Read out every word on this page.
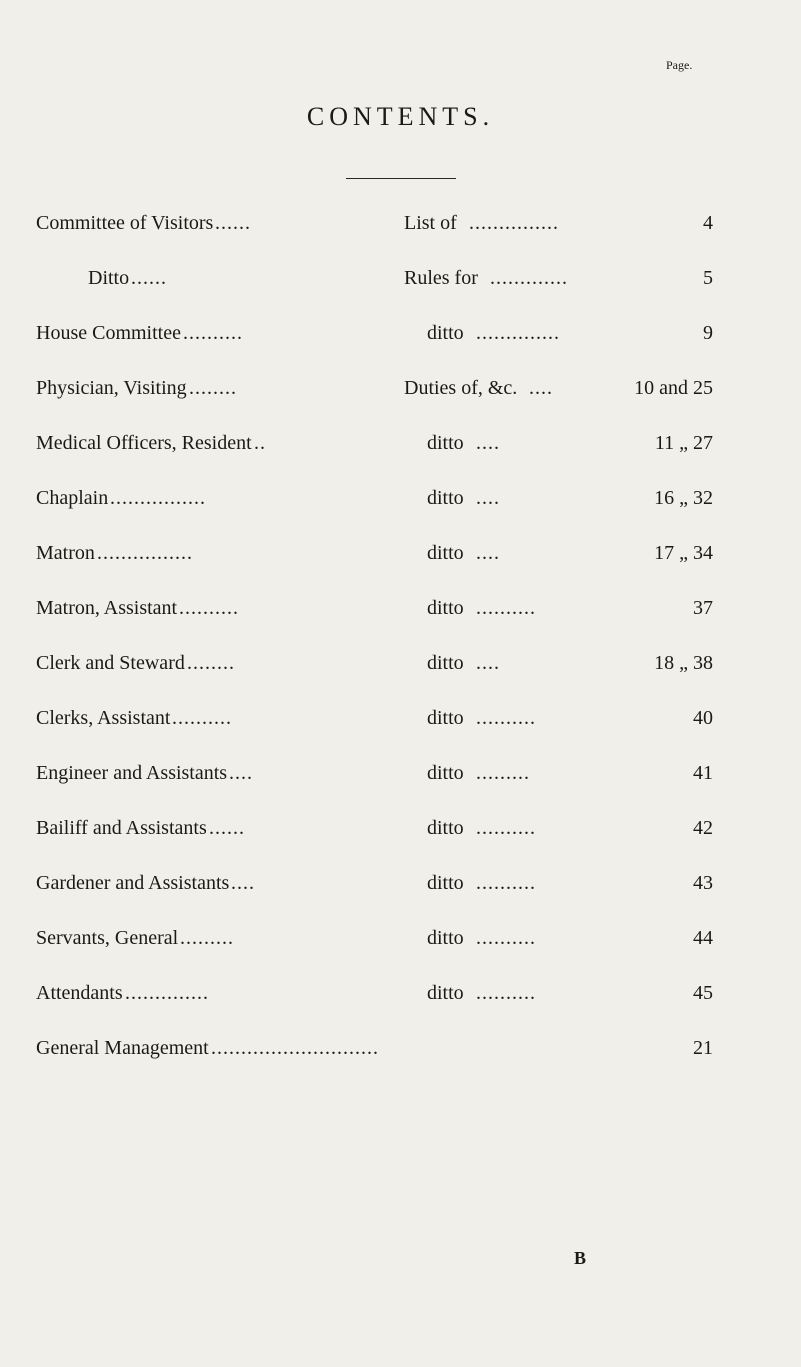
CONTENTS.
Page.
Committee of Visitors ......	List of ...............	4
Ditto ......	Rules for .............	5
House Committee ..........	ditto ..............	9
Physician, Visiting ........	Duties of, &c. ....	10 and 25
Medical Officers, Resident ..	ditto ....	11 „ 27
Chaplain ................	ditto ....	16 „ 32
Matron ................	ditto ....	17 „ 34
Matron, Assistant ..........	ditto ..........	37
Clerk and Steward ........	ditto ....	18 „ 38
Clerks, Assistant ..........	ditto ..........	40
Engineer and Assistants ....	ditto .........	41
Bailiff and Assistants ......	ditto ..........	42
Gardener and Assistants ....	ditto ..........	43
Servants, General .........	ditto ..........	44
Attendants ..............	ditto ..........	45
General Management ............................	21
B
